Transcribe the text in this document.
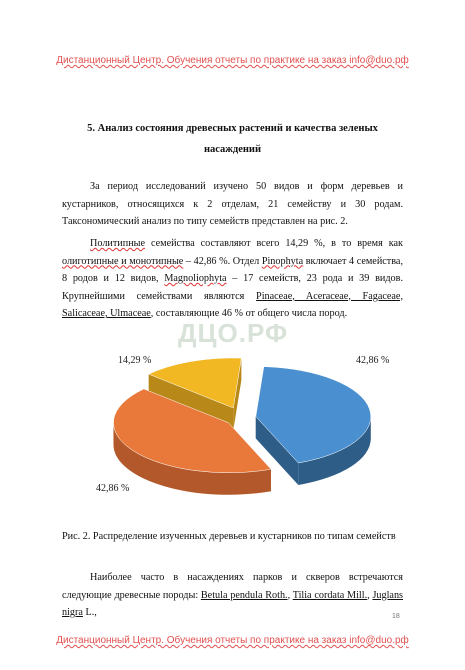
Дистанционный Центр. Обучения отчеты по практике на заказ info@duo.рф
5. Анализ состояния древесных растений и качества зеленых насаждений
За период исследований изучено 50 видов и форм деревьев и кустарников, относящихся к 2 отделам, 21 семейству и 30 родам. Таксономический анализ по типу семейств представлен на рис. 2.
Политипные семейства составляют всего 14,29 %, в то время как олиготипные и монотипные – 42,86 %. Отдел Pinophyta включает 4 семейства, 8 родов и 12 видов, Magnoliophyta – 17 семейств, 23 рода и 39 видов. Крупнейшими семействами являются Pinaceae, Aceraceae, Fagaceae, Salicaceae, Ulmaceae, составляющие 46 % от общего числа пород.
ДЦО.РФ
42,86 %
42,86 %
14,29 %
Рис. 2. Распределение изученных деревьев и кустарников по типам семейств
Наиболее часто в насаждениях парков и скверов встречаются следующие древесные породы: Betula pendula Roth., Tilia cordata Mill., Juglans nigra L.,	18
Дистанционный Центр. Обучения отчеты по практике на заказ info@duo.рф
